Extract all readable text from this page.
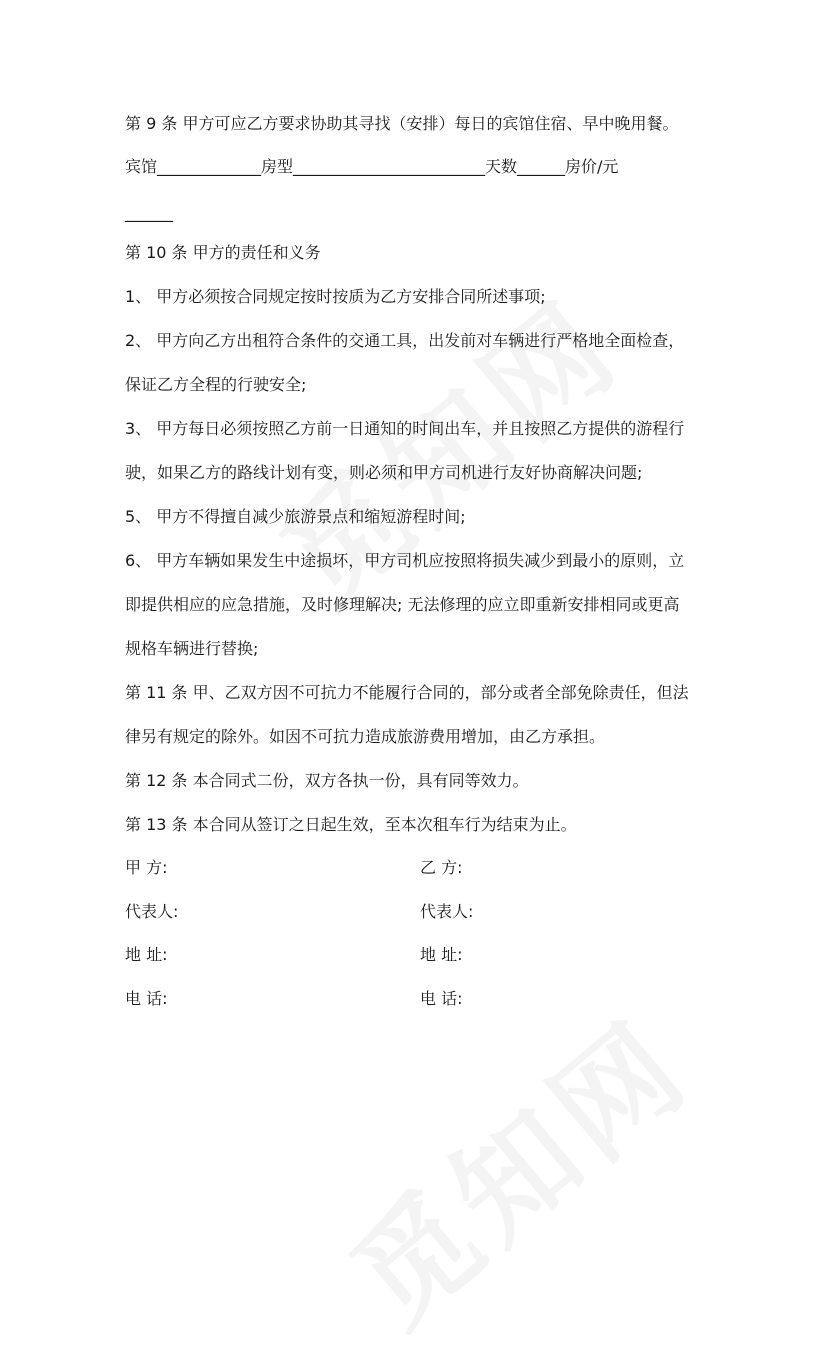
第 9 条 甲方可应乙方要求协助其寻找（安排）每日的宾馆住宿、早中晚用餐。
宾馆_____________房型________________________天数______房价/元
______
第 10 条 甲方的责任和义务
1、 甲方必须按合同规定按时按质为乙方安排合同所述事项;
2、 甲方向乙方出租符合条件的交通工具，出发前对车辆进行严格地全面检查，
保证乙方全程的行驶安全;
3、 甲方每日必须按照乙方前一日通知的时间出车，并且按照乙方提供的游程行
驶，如果乙方的路线计划有变，则必须和甲方司机进行友好协商解决问题;
5、 甲方不得擅自减少旅游景点和缩短游程时间;
6、 甲方车辆如果发生中途损坏，甲方司机应按照将损失减少到最小的原则，立
即提供相应的应急措施，及时修理解决; 无法修理的应立即重新安排相同或更高
规格车辆进行替换;
第 11 条 甲、乙双方因不可抗力不能履行合同的，部分或者全部免除责任，但法
律另有规定的除外。如因不可抗力造成旅游费用增加，由乙方承担。
第 12 条 本合同式二份，双方各执一份，具有同等效力。
第 13 条 本合同从签订之日起生效，至本次租车行为结束为止。
甲 方:	乙 方:
代表人:	代表人:
地 址:	地 址:
电 话:	电 话:
